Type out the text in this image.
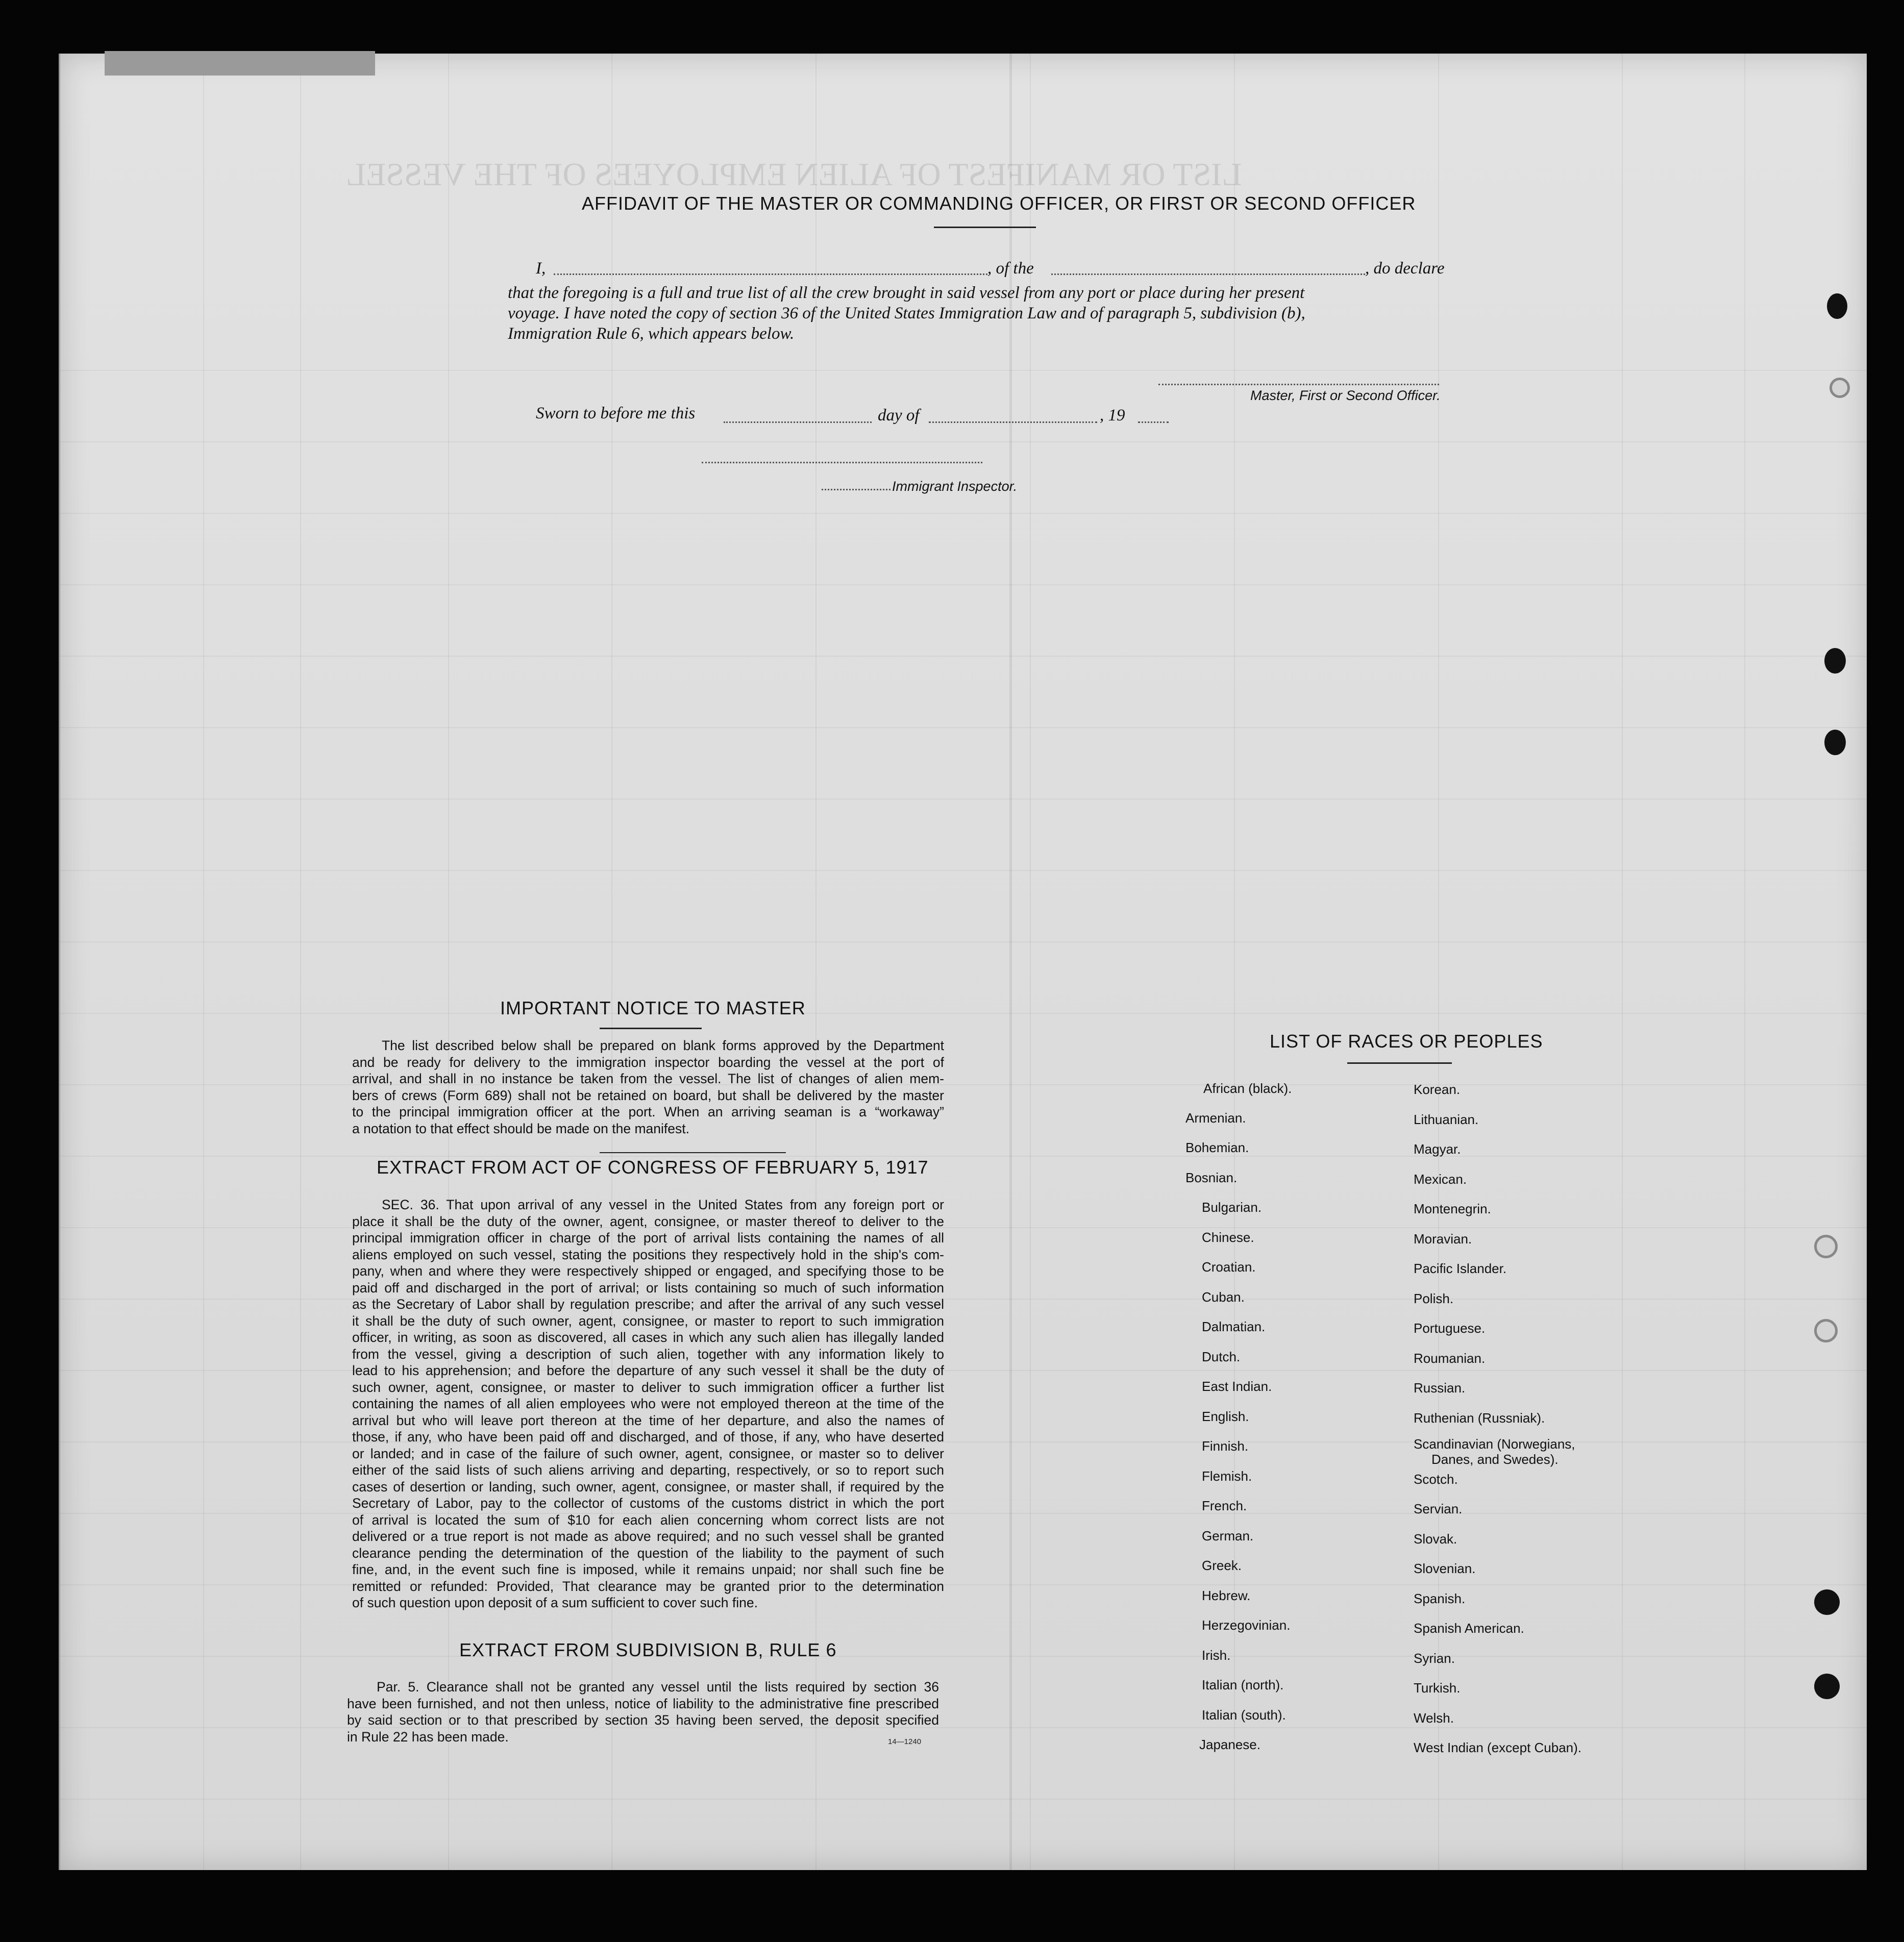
LIST OR MANIFEST OF ALIEN EMPLOYEES OF THE VESSEL
AFFIDAVIT OF THE MASTER OR COMMANDING OFFICER, OR FIRST OR SECOND OFFICER
I,	, of the	, do declare
that the foregoing is a full and true list of all the crew brought in said vessel from any port or place during her present
voyage. I have noted the copy of section 36 of the United States Immigration Law and of paragraph 5, subdivision (b),
Immigration Rule 6, which appears below.
Master, First or Second Officer.
Sworn to before me this	day of	, 19
Immigrant Inspector.
IMPORTANT NOTICE TO MASTER

The list described below shall be prepared on blank forms approved by the Department

and be ready for delivery to the immigration inspector boarding the vessel at the port of

arrival, and shall in no instance be taken from the vessel. The list of changes of alien mem-

bers of crews (Form 689) shall not be retained on board, but shall be delivered by the master

to the principal immigration officer at the port. When an arriving seaman is a “workaway”

a notation to that effect should be made on the manifest.

EXTRACT FROM ACT OF CONGRESS OF FEBRUARY 5, 1917

SEC. 36. That upon arrival of any vessel in the United States from any foreign port or

place it shall be the duty of the owner, agent, consignee, or master thereof to deliver to the

principal immigration officer in charge of the port of arrival lists containing the names of all

aliens employed on such vessel, stating the positions they respectively hold in the ship's com-

pany, when and where they were respectively shipped or engaged, and specifying those to be

paid off and discharged in the port of arrival; or lists containing so much of such information

as the Secretary of Labor shall by regulation prescribe; and after the arrival of any such vessel

it shall be the duty of such owner, agent, consignee, or master to report to such immigration

officer, in writing, as soon as discovered, all cases in which any such alien has illegally landed

from the vessel, giving a description of such alien, together with any information likely to

lead to his apprehension; and before the departure of any such vessel it shall be the duty of

such owner, agent, consignee, or master to deliver to such immigration officer a further list

containing the names of all alien employees who were not employed thereon at the time of the

arrival but who will leave port thereon at the time of her departure, and also the names of

those, if any, who have been paid off and discharged, and of those, if any, who have deserted

or landed; and in case of the failure of such owner, agent, consignee, or master so to deliver

either of the said lists of such aliens arriving and departing, respectively, or so to report such

cases of desertion or landing, such owner, agent, consignee, or master shall, if required by the

Secretary of Labor, pay to the collector of customs of the customs district in which the port

of arrival is located the sum of $10 for each alien concerning whom correct lists are not

delivered or a true report is not made as above required; and no such vessel shall be granted

clearance pending the determination of the question of the liability to the payment of such

fine, and, in the event such fine is imposed, while it remains unpaid; nor shall such fine be

remitted or refunded: Provided, That clearance may be granted prior to the determination

of such question upon deposit of a sum sufficient to cover such fine.

EXTRACT FROM SUBDIVISION B, RULE 6

Par. 5. Clearance shall not be granted any vessel until the lists required by section 36

have been furnished, and not then unless, notice of liability to the administrative fine prescribed

by said section or to that prescribed by section 35 having been served, the deposit specified

in Rule 22 has been made.	14—1240
LIST OF RACES OR PEOPLES
African (black).
Armenian.
Bohemian.
Bosnian.
Bulgarian.
Chinese.
Croatian.
Cuban.
Dalmatian.
Dutch.
East Indian.
English.
Finnish.
Flemish.
French.
German.
Greek.
Hebrew.
Herzegovinian.
Irish.
Italian (north).
Italian (south).
Japanese.
Korean.
Lithuanian.
Magyar.
Mexican.
Montenegrin.
Moravian.
Pacific Islander.
Polish.
Portuguese.
Roumanian.
Russian.
Ruthenian (Russniak).
Scandinavian (Norwegians,
Danes, and Swedes).
Scotch.
Servian.
Slovak.
Slovenian.
Spanish.
Spanish American.
Syrian.
Turkish.
Welsh.
West Indian (except Cuban).
